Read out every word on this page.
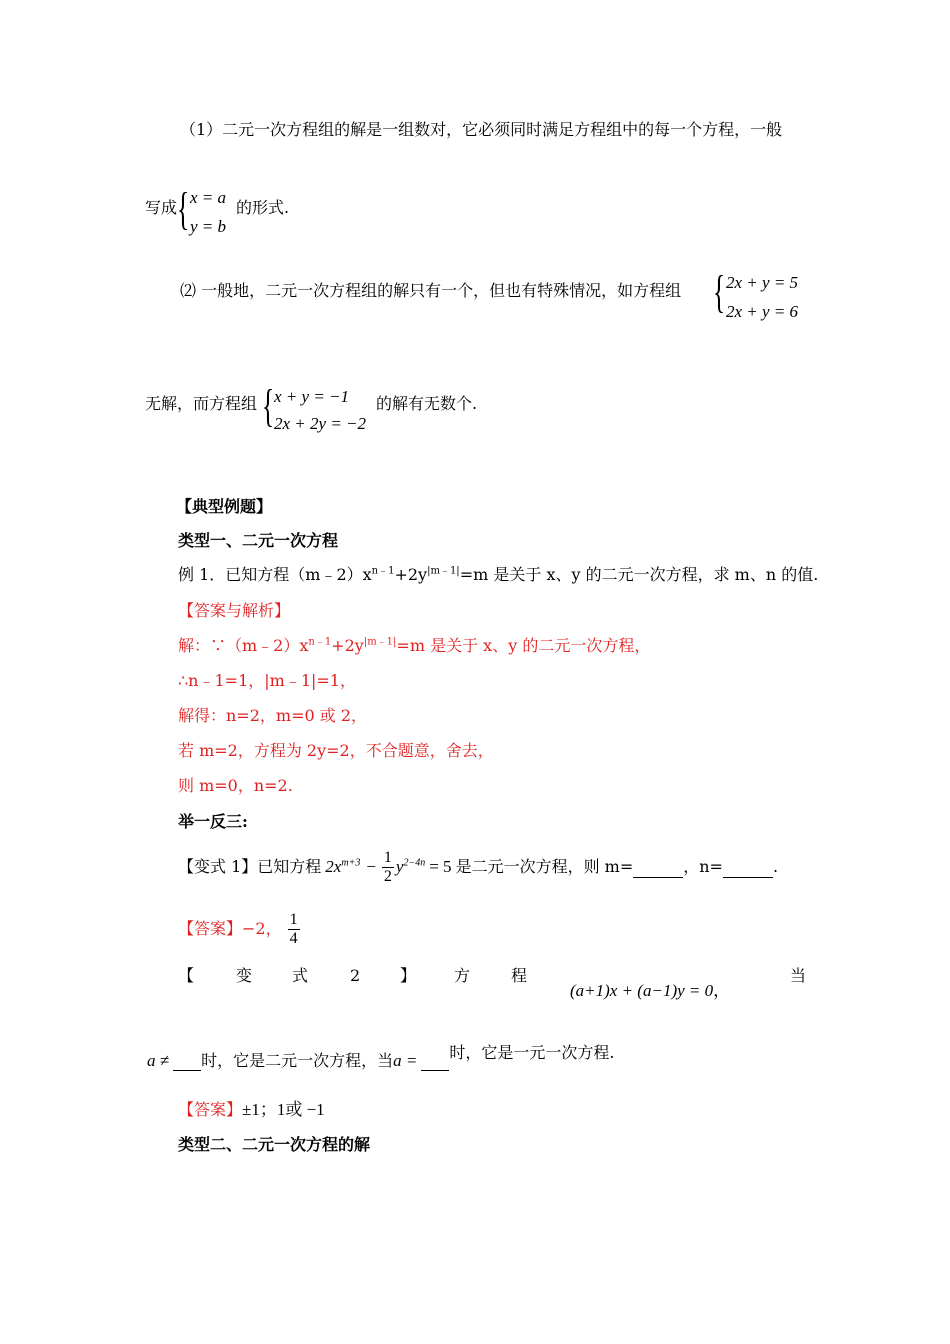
（1）二元一次方程组的解是一组数对，它必须同时满足方程组中的每一个方程，一般
写成 { x = a
y = b
的形式.
⑵ 一般地，二元一次方程组的解只有一个，但也有特殊情况，如方程组 { 2x + y = 5
2x + y = 6
无解，而方程组 { x + y = −1
2x + 2y = −2
的解有无数个.
【典型例题】
类型一、二元一次方程
例 1．已知方程$(m﹣2)x^{n﹣1}+2y^{|m﹣1|}=m$ 是关于 x、y 的二元一次方程，求 m、n 的值.
【答案与解析】
解：$\because(m﹣2)x^{n﹣1}+2y^{|m﹣1|}=m$ 是关于 x、y 的二元一次方程，
∴n﹣1=1，|m﹣1|=1，
解得：n=2，m=0 或 2，
若 m=2，方程为 2y=2，不合题意，舍去，
则 m=0，n=2.
举一反三:
【变式 1】 已知方程 $2x^{m+3} - \frac{1}{2} y^{2-4n} = 5$ 是二元一次方程，则 m=
	，n=
	.
【答案】 −2， $\frac{1}{4}$
【	变 式	2 】 方	程
(a+1)x + (a−1)y = 0，
当
a ≠
时，它是二元一次方程，当 a =
时，它是一元一次方程.
【答案】±1；1或 −1
类型二、二元一次方程的解
